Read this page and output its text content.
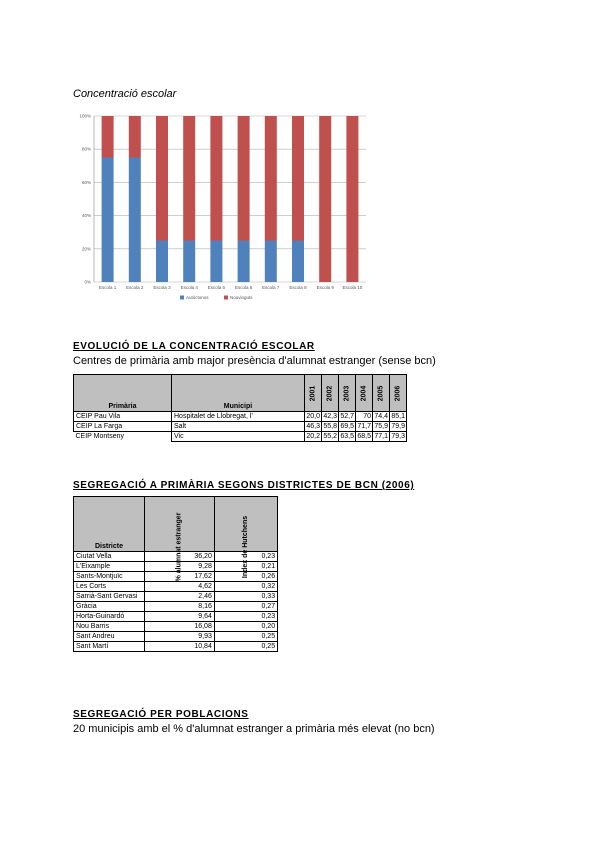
Concentració escolar
0%
20%
40%
60%
80%
100%
Escola 1 Escola 2 Escola 3 Escola 4 Escola 5 Escola 6 Escola 7 Escola 8 Escola 9 Escola 10
Autòctonos	Nouvinguts
EVOLUCIÓ DE LA CONCENTRACIÓ ESCOLAR
Centres de primària amb major presència d'alumnat estranger (sense bcn)
Primària	Municipi	2001	2002	2003	2004	2005	2006
CEIP Pau Vila	Hospitalet de Llobregat, l'	20,0	42,3	52,7	70	74,4	85,1
CEIP La Farga	Salt	46,3	55,8	69,5	71,7	75,9	79,9
CEIP Montseny	Vic	20,2	55,2	63,5	68,5	77,1	79,3
SEGREGACIÓ A PRIMÀRIA SEGONS DISTRICTES DE BCN (2006)
Districte	% alumnat estranger	Index de Hutchens
Ciutat Vella	36,20	0,23
L'Eixample	9,28	0,21
Sants-Montjuïc	17,62	0,26
Les Corts	4,62	0,32
Sarrià-Sant Gervasi	2,46	0,33
Gràcia	8,16	0,27
Horta-Guinardó	9,64	0,23
Nou Barris	16,08	0,20
Sant Andreu	9,93	0,25
Sant Martí	10,84	0,25
SEGREGACIÓ PER POBLACIONS
20 municipis amb el % d'alumnat estranger a primària més elevat (no bcn)
